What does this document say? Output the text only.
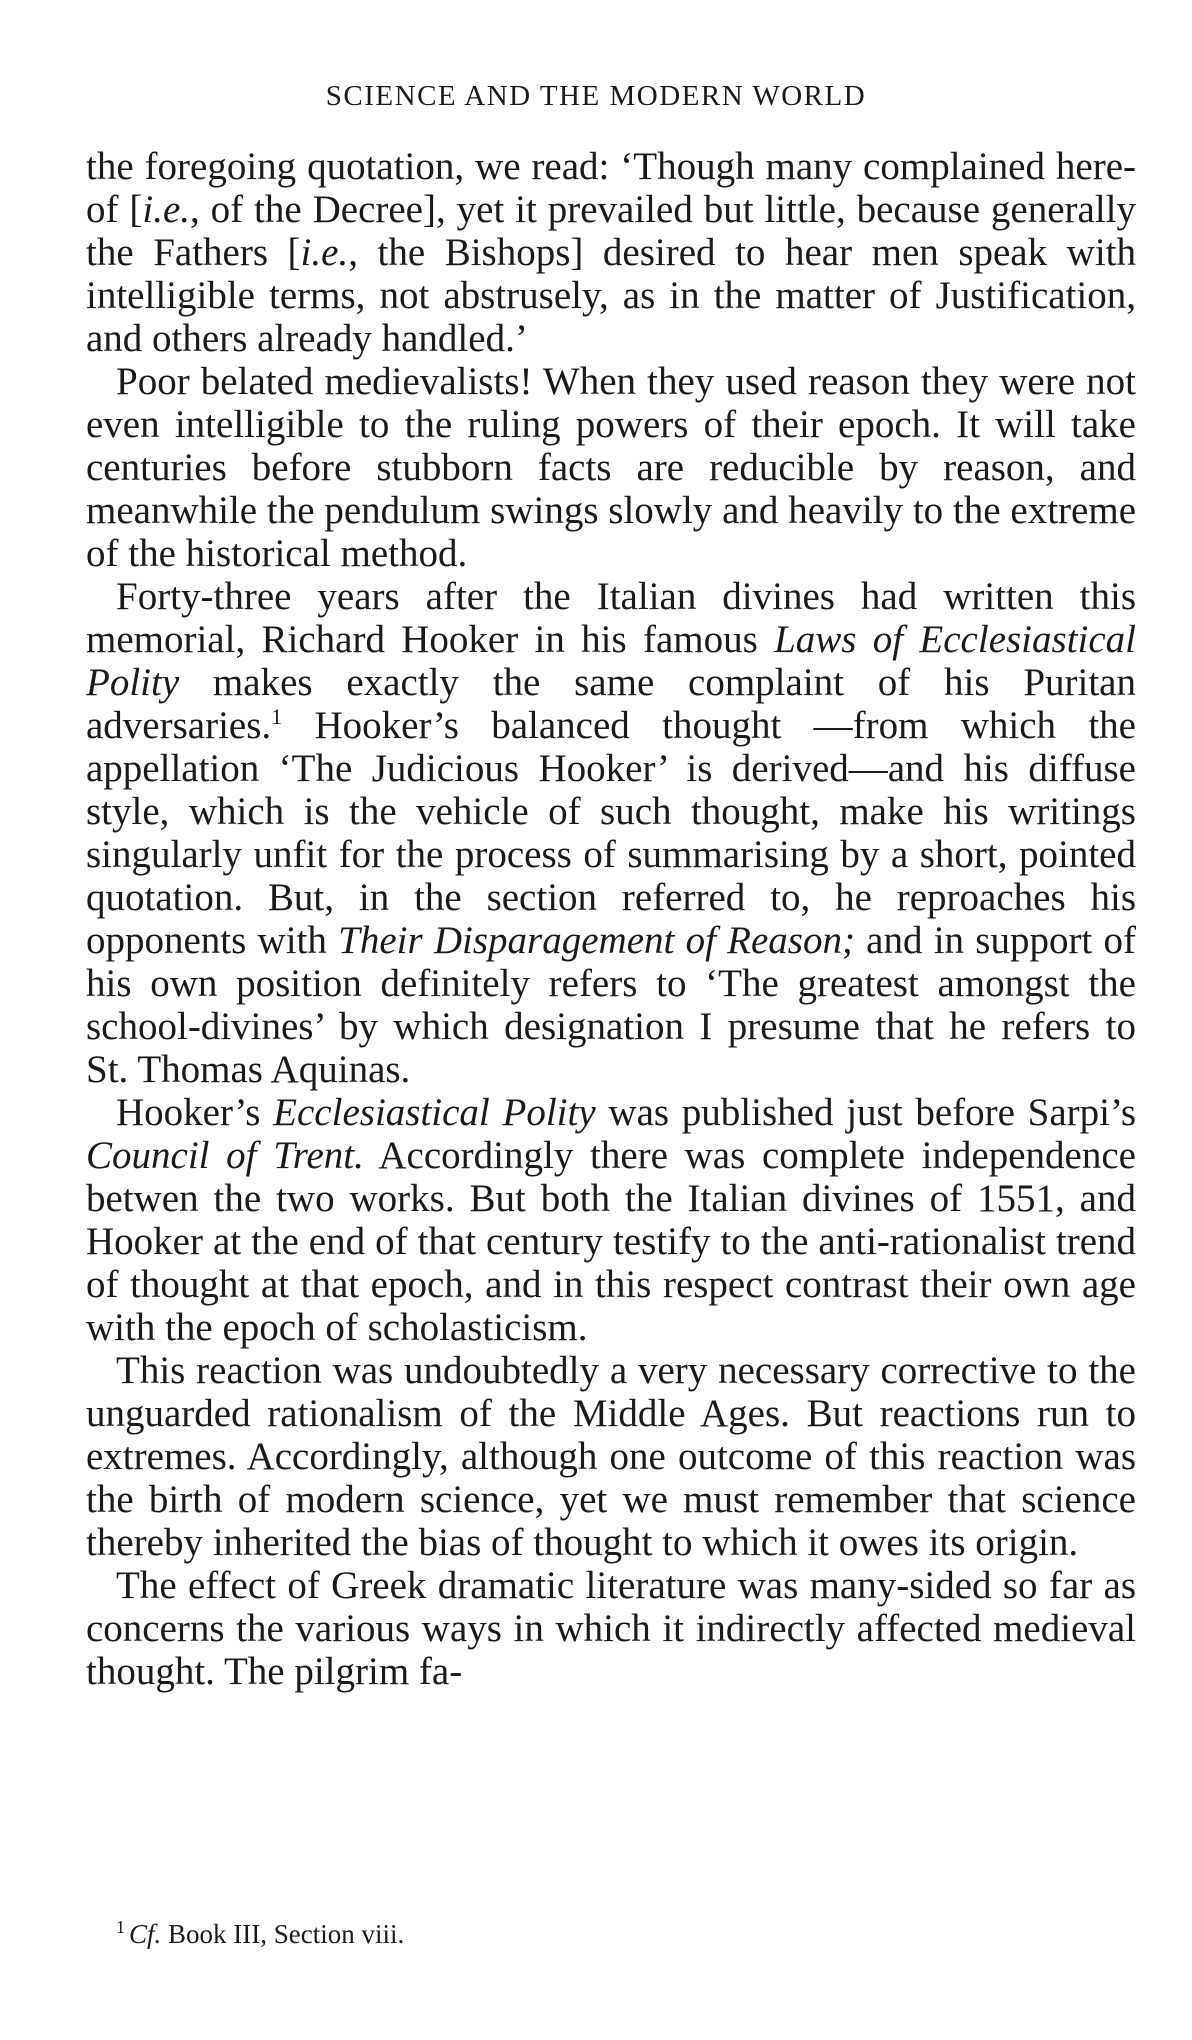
SCIENCE AND THE MODERN WORLD

the foregoing quotation, we read: ‘Though many complained here-of [i.e., of the Decree], yet it prevailed but little, because generally the Fathers [i.e., the Bishops] desired to hear men speak with intelligible terms, not abstrusely, as in the matter of Justification, and others already handled.’

Poor belated medievalists! When they used reason they were not even intelligible to the ruling powers of their epoch. It will take centuries before stubborn facts are reducible by reason, and meanwhile the pendulum swings slowly and heavily to the extreme of the historical method.

Forty-three years after the Italian divines had written this memorial, Richard Hooker in his famous Laws of Ecclesiastical Polity makes exactly the same complaint of his Puritan adversaries.$^1$ Hooker’s balanced thought —from which the appellation ‘The Judicious Hooker’ is derived—and his diffuse style, which is the vehicle of such thought, make his writings singularly unfit for the process of summarising by a short, pointed quotation. But, in the section referred to, he reproaches his opponents with Their Disparagement of Reason; and in support of his own position definitely refers to ‘The greatest amongst the school-divines’ by which designation I presume that he refers to St. Thomas Aquinas.

Hooker’s Ecclesiastical Polity was published just before Sarpi’s Council of Trent. Accordingly there was complete independence betwen the two works. But both the Italian divines of 1551, and Hooker at the end of that century testify to the anti-rationalist trend of thought at that epoch, and in this respect contrast their own age with the epoch of scholasticism.

This reaction was undoubtedly a very necessary corrective to the unguarded rationalism of the Middle Ages. But reactions run to extremes. Accordingly, although one outcome of this reaction was the birth of modern science, yet we must remember that science thereby inherited the bias of thought to which it owes its origin.

The effect of Greek dramatic literature was many-sided so far as concerns the various ways in which it indirectly affected medieval thought. The pilgrim fa-

$^1$ Cf. Book III, Section viii.
